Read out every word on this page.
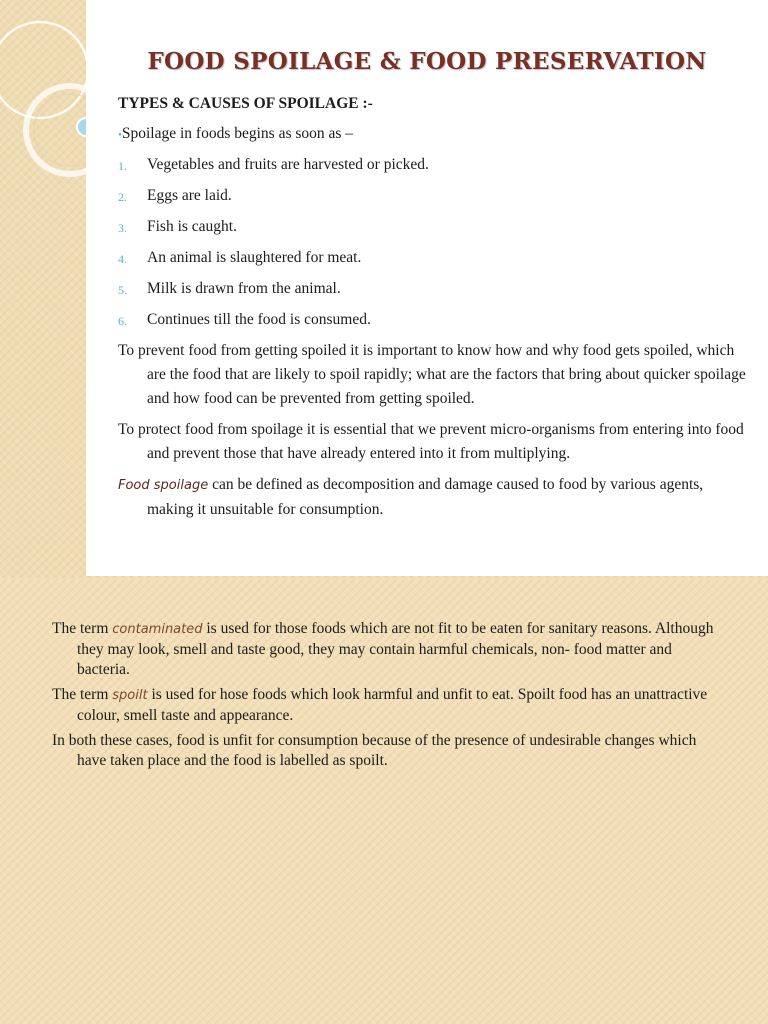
FOOD SPOILAGE & FOOD PRESERVATION

TYPES & CAUSES OF SPOILAGE :-

•Spoilage in foods begins as soon as –

1. Vegetables and fruits are harvested or picked.
2. Eggs are laid.
3. Fish is caught.
4. An animal is slaughtered for meat.
5. Milk is drawn from the animal.
6. Continues till the food is consumed.

To prevent food from getting spoiled it is important to know how and why food gets spoiled, which are the food that are likely to spoil rapidly; what are the factors that bring about quicker spoilage and how food can be prevented from getting spoiled.

To protect food from spoilage it is essential that we prevent micro-organisms from entering into food and prevent those that have already entered into it from multiplying.

Food spoilage can be defined as decomposition and damage caused to food by various agents, making it unsuitable for consumption.

The term contaminated is used for those foods which are not fit to be eaten for sanitary reasons. Although they may look, smell and taste good, they may contain harmful chemicals, non- food matter and bacteria.

The term spoilt is used for hose foods which look harmful and unfit to eat. Spoilt food has an unattractive colour, smell taste and appearance.

In both these cases, food is unfit for consumption because of the presence of undesirable changes which have taken place and the food is labelled as spoilt.
